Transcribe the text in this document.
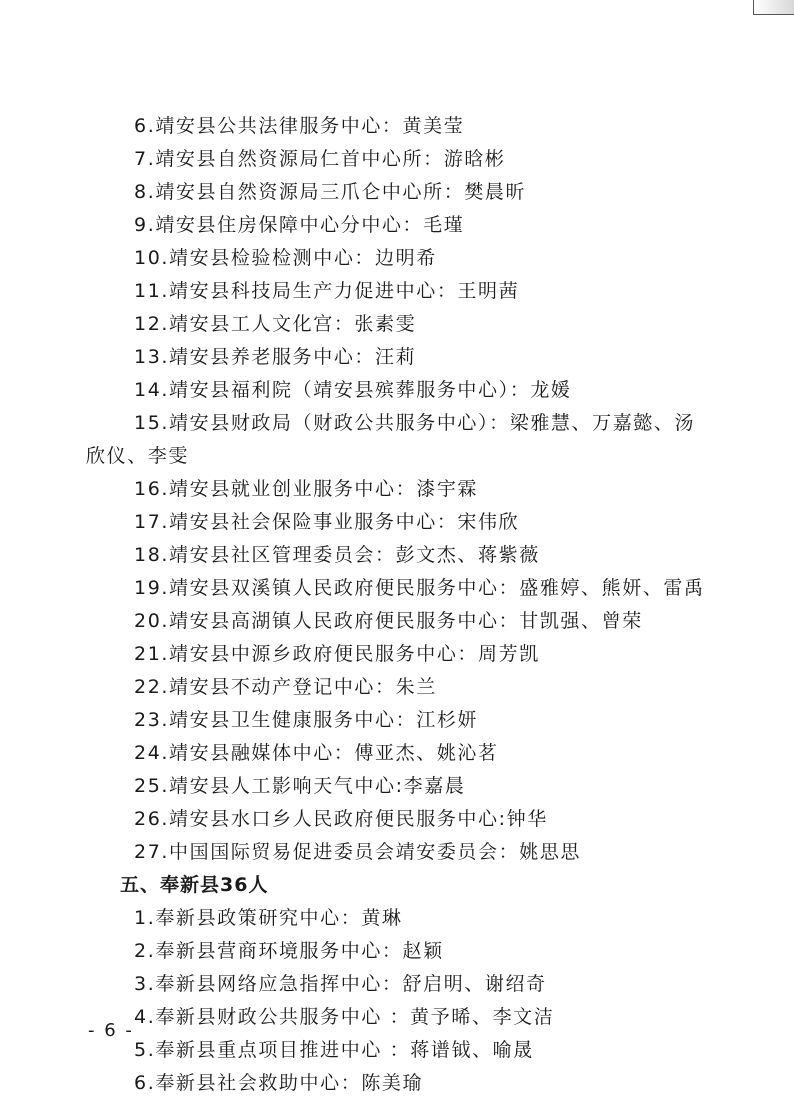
6.靖安县公共法律服务中心：黄美莹
7.靖安县自然资源局仁首中心所：游晗彬
8.靖安县自然资源局三爪仑中心所：樊晨昕
9.靖安县住房保障中心分中心：毛瑾
10.靖安县检验检测中心：边明希
11.靖安县科技局生产力促进中心：王明茜
12.靖安县工人文化宫：张素雯
13.靖安县养老服务中心：汪莉
14.靖安县福利院（靖安县殡葬服务中心）：龙媛
15.靖安县财政局（财政公共服务中心）：梁雅慧、万嘉懿、汤
欣仪、李雯
16.靖安县就业创业服务中心：漆宇霖
17.靖安县社会保险事业服务中心：宋伟欣
18.靖安县社区管理委员会：彭文杰、蒋紫薇
19.靖安县双溪镇人民政府便民服务中心：盛雅婷、熊妍、雷禹
20.靖安县高湖镇人民政府便民服务中心：甘凯强、曾荣
21.靖安县中源乡政府便民服务中心：周芳凯
22.靖安县不动产登记中心：朱兰
23.靖安县卫生健康服务中心：江杉妍
24.靖安县融媒体中心：傅亚杰、姚沁茗
25.靖安县人工影响天气中心:李嘉晨
26.靖安县水口乡人民政府便民服务中心:钟华
27.中国国际贸易促进委员会靖安委员会：姚思思
五、奉新县36人
1.奉新县政策研究中心：黄琳
2.奉新县营商环境服务中心：赵颖
3.奉新县网络应急指挥中心：舒启明、谢绍奇
4.奉新县财政公共服务中心 ：黄予晞、李文洁
5.奉新县重点项目推进中心 ：蒋谱钺、喻晟
6.奉新县社会救助中心：陈美瑜
- 6 -
